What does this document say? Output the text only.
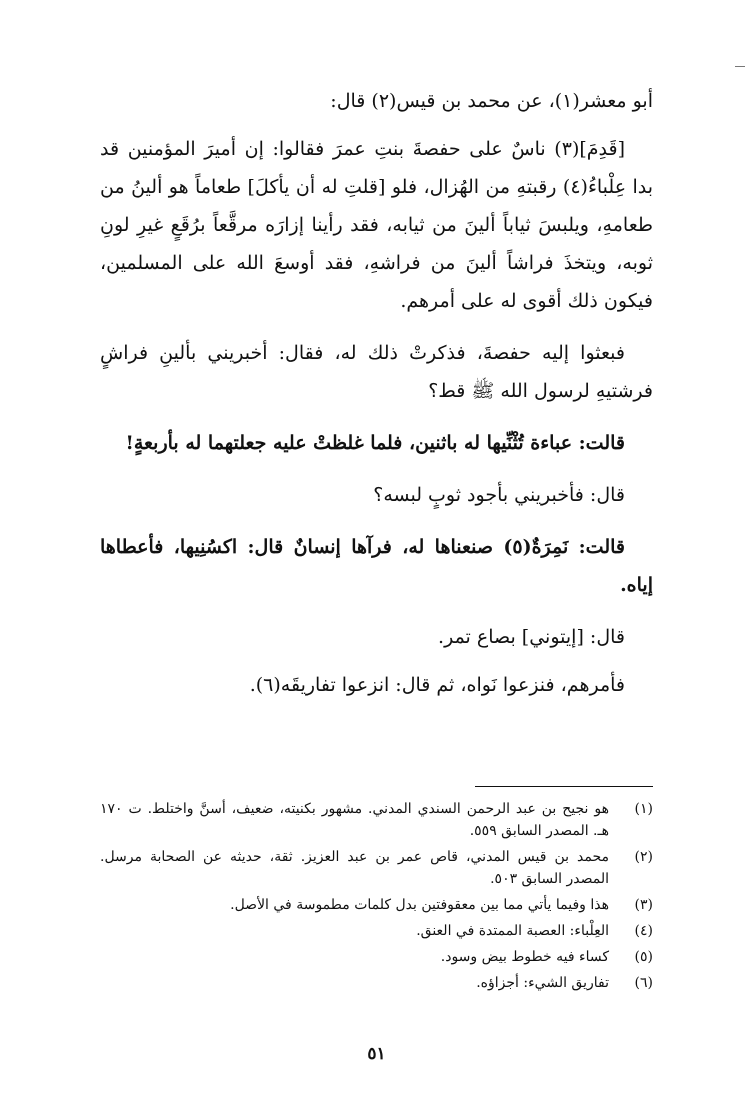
أبو معشر(١)، عن محمد بن قيس(٢) قال:

[قَدِمَ](٣) ناسٌ على حفصةَ بنتِ عمرَ فقالوا: إن أميرَ المؤمنين قد بدا عِلْباءُ(٤) رقبتهِ من الهُزال، فلو [قلتِ له أن يأكلَ] طعاماً هو ألينُ من طعامهِ، ويلبسَ ثياباً ألينَ من ثيابه، فقد رأينا إزارَه مرقَّعاً برُقَعٍ غيرِ لونِ ثوبه، ويتخذَ فراشاً ألينَ من فراشهِ، فقد أوسعَ الله على المسلمين، فيكون ذلك أقوى له على أمرهم.

فبعثوا إليه حفصةَ، فذكرتْ ذلك له، فقال: أخبريني بألينِ فراشٍ فرشتيهِ لرسول الله ﷺ قط؟

قالت: عباءة تُثْنِّيها له باثنين، فلما غلظتْ عليه جعلتهما له بأربعةٍ!

قال: فأخبريني بأجود ثوبٍ لبسه؟

قالت: نَمِرَةٌ(٥) صنعناها له، فرآها إنسانٌ قال: اكسُنِيها، فأعطاها إياه.

قال: [إيتوني] بصاع تمر.

فأمرهم، فنزعوا نَواه، ثم قال: انزعوا تفاريقَه(٦).

(١)
هو نجيح بن عبد الرحمن السندي المدني. مشهور بكنيته، ضعيف، أسنَّ واختلط. ت ١٧٠ هـ. المصدر السابق ٥٥٩.
(٢)
محمد بن قيس المدني، قاص عمر بن عبد العزيز. ثقة، حديثه عن الصحابة مرسل. المصدر السابق ٥٠٣.
(٣)
هذا وفيما يأتي مما بين معقوفتين بدل كلمات مطموسة في الأصل.
(٤)
العِلْباء: العصبة الممتدة في العنق.
(٥)
كساء فيه خطوط بيض وسود.
(٦)
تفاريق الشيء: أجزاؤه.
٥١
